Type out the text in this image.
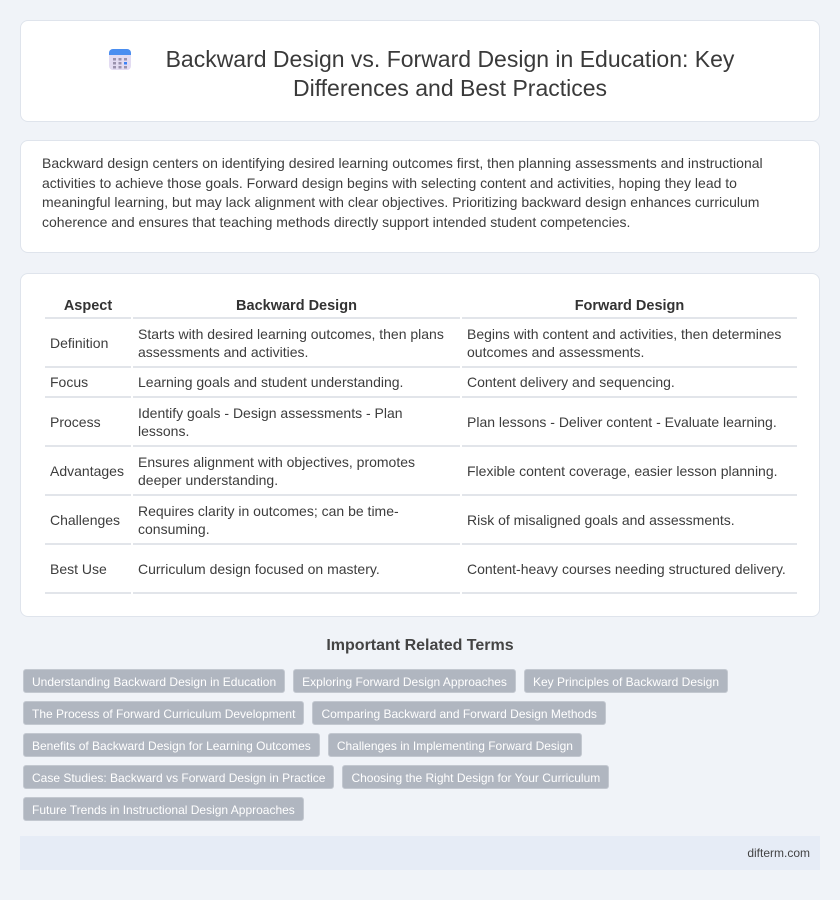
Backward Design vs. Forward Design in Education: Key Differences and Best Practices

Backward design centers on identifying desired learning outcomes first, then planning assessments and instructional activities to achieve those goals. Forward design begins with selecting content and activities, hoping they lead to meaningful learning, but may lack alignment with clear objectives. Prioritizing backward design enhances curriculum coherence and ensures that teaching methods directly support intended student competencies.

Aspect	Backward Design	Forward Design
Definition	Starts with desired learning outcomes, then plans assessments and activities.	Begins with content and activities, then determines outcomes and assessments.
Focus	Learning goals and student understanding.	Content delivery and sequencing.
Process	Identify goals - Design assessments - Plan lessons.	Plan lessons - Deliver content - Evaluate learning.
Advantages	Ensures alignment with objectives, promotes deeper understanding.	Flexible content coverage, easier lesson planning.
Challenges	Requires clarity in outcomes; can be time-consuming.	Risk of misaligned goals and assessments.
Best Use	Curriculum design focused on mastery.	Content-heavy courses needing structured delivery.
Important Related Terms
Understanding Backward Design in Education	Exploring Forward Design Approaches	Key Principles of Backward Design
The Process of Forward Curriculum Development	Comparing Backward and Forward Design Methods
Benefits of Backward Design for Learning Outcomes	Challenges in Implementing Forward Design
Case Studies: Backward vs Forward Design in Practice	Choosing the Right Design for Your Curriculum
Future Trends in Instructional Design Approaches
difterm.com
